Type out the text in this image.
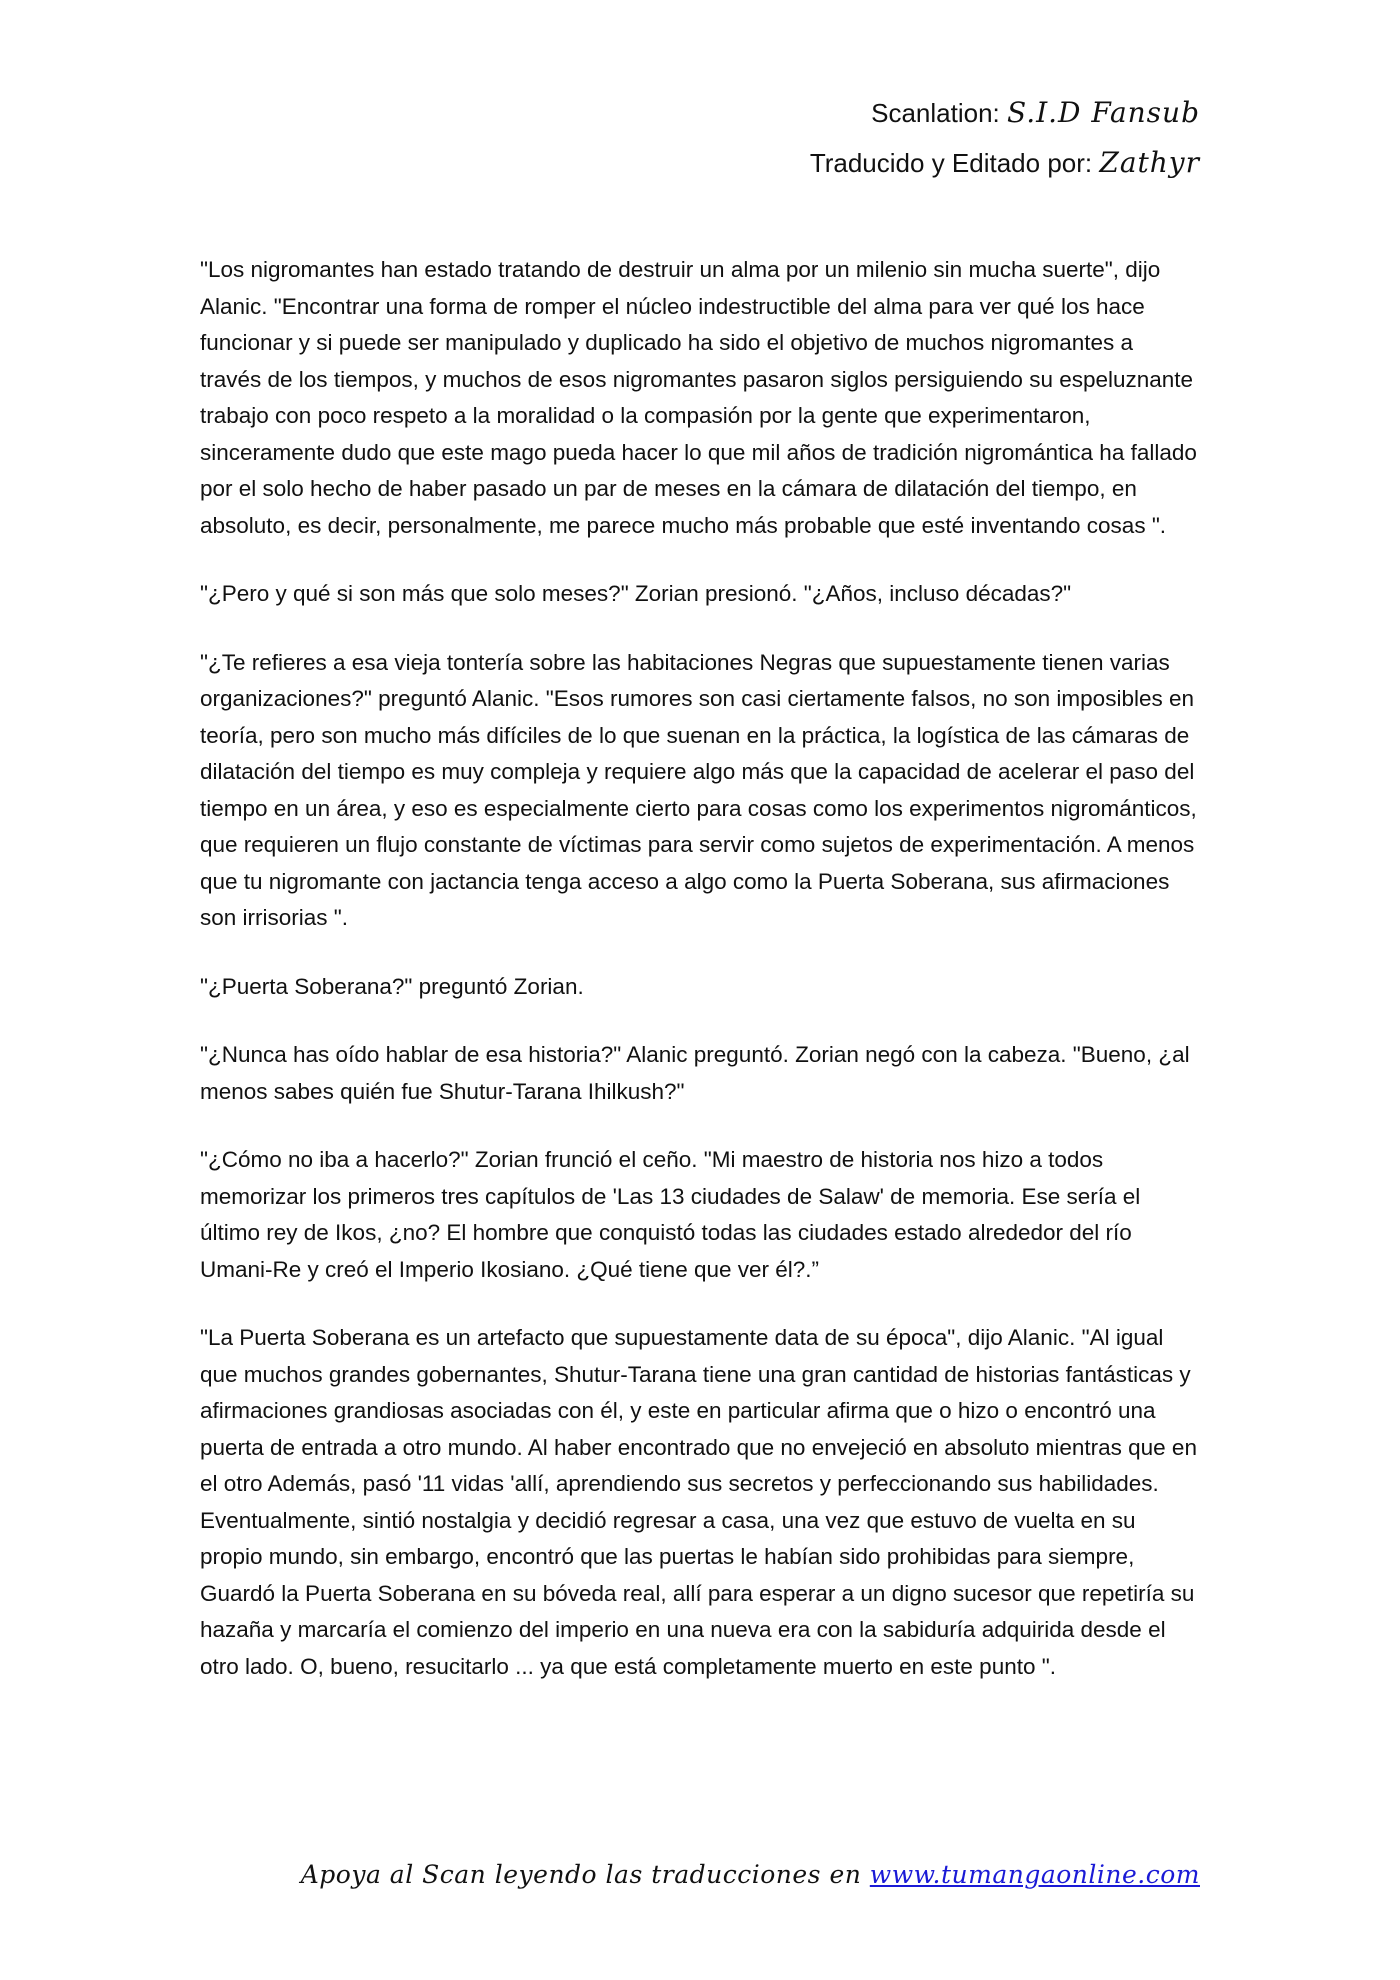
Scanlation: S.I.D Fansub
Traducido y Editado por: Zathyr

"Los nigromantes han estado tratando de destruir un alma por un milenio sin mucha suerte", dijo Alanic. "Encontrar una forma de romper el núcleo indestructible del alma para ver qué los hace funcionar y si puede ser manipulado y duplicado ha sido el objetivo de muchos nigromantes a través de los tiempos, y muchos de esos nigromantes pasaron siglos persiguiendo su espeluznante trabajo con poco respeto a la moralidad o la compasión por la gente que experimentaron, sinceramente dudo que este mago pueda hacer lo que mil años de tradición nigromántica ha fallado por el solo hecho de haber pasado un par de meses en la cámara de dilatación del tiempo, en absoluto, es decir, personalmente, me parece mucho más probable que esté inventando cosas ".

"¿Pero y qué si son más que solo meses?" Zorian presionó. "¿Años, incluso décadas?"

"¿Te refieres a esa vieja tontería sobre las habitaciones Negras que supuestamente tienen varias organizaciones?" preguntó Alanic. "Esos rumores son casi ciertamente falsos, no son imposibles en teoría, pero son mucho más difíciles de lo que suenan en la práctica, la logística de las cámaras de dilatación del tiempo es muy compleja y requiere algo más que la capacidad de acelerar el paso del tiempo en un área, y eso es especialmente cierto para cosas como los experimentos nigrománticos, que requieren un flujo constante de víctimas para servir como sujetos de experimentación. A menos que tu nigromante con jactancia tenga acceso a algo como la Puerta Soberana, sus afirmaciones son irrisorias ".

"¿Puerta Soberana?" preguntó Zorian.

"¿Nunca has oído hablar de esa historia?" Alanic preguntó. Zorian negó con la cabeza. "Bueno, ¿al menos sabes quién fue Shutur-Tarana Ihilkush?"

"¿Cómo no iba a hacerlo?" Zorian frunció el ceño. "Mi maestro de historia nos hizo a todos memorizar los primeros tres capítulos de 'Las 13 ciudades de Salaw' de memoria. Ese sería el último rey de Ikos, ¿no? El hombre que conquistó todas las ciudades estado alrededor del río Umani-Re y creó el Imperio Ikosiano. ¿Qué tiene que ver él?.”

"La Puerta Soberana es un artefacto que supuestamente data de su época", dijo Alanic. "Al igual que muchos grandes gobernantes, Shutur-Tarana tiene una gran cantidad de historias fantásticas y afirmaciones grandiosas asociadas con él, y este en particular afirma que o hizo o encontró una puerta de entrada a otro mundo. Al haber encontrado que no envejeció en absoluto mientras que en el otro Además, pasó '11 vidas 'allí, aprendiendo sus secretos y perfeccionando sus habilidades. Eventualmente, sintió nostalgia y decidió regresar a casa, una vez que estuvo de vuelta en su propio mundo, sin embargo, encontró que las puertas le habían sido prohibidas para siempre, Guardó la Puerta Soberana en su bóveda real, allí para esperar a un digno sucesor que repetiría su hazaña y marcaría el comienzo del imperio en una nueva era con la sabiduría adquirida desde el otro lado. O, bueno, resucitarlo ... ya que está completamente muerto en este punto ".

Apoya al Scan leyendo las traducciones en www.tumangaonline.com
